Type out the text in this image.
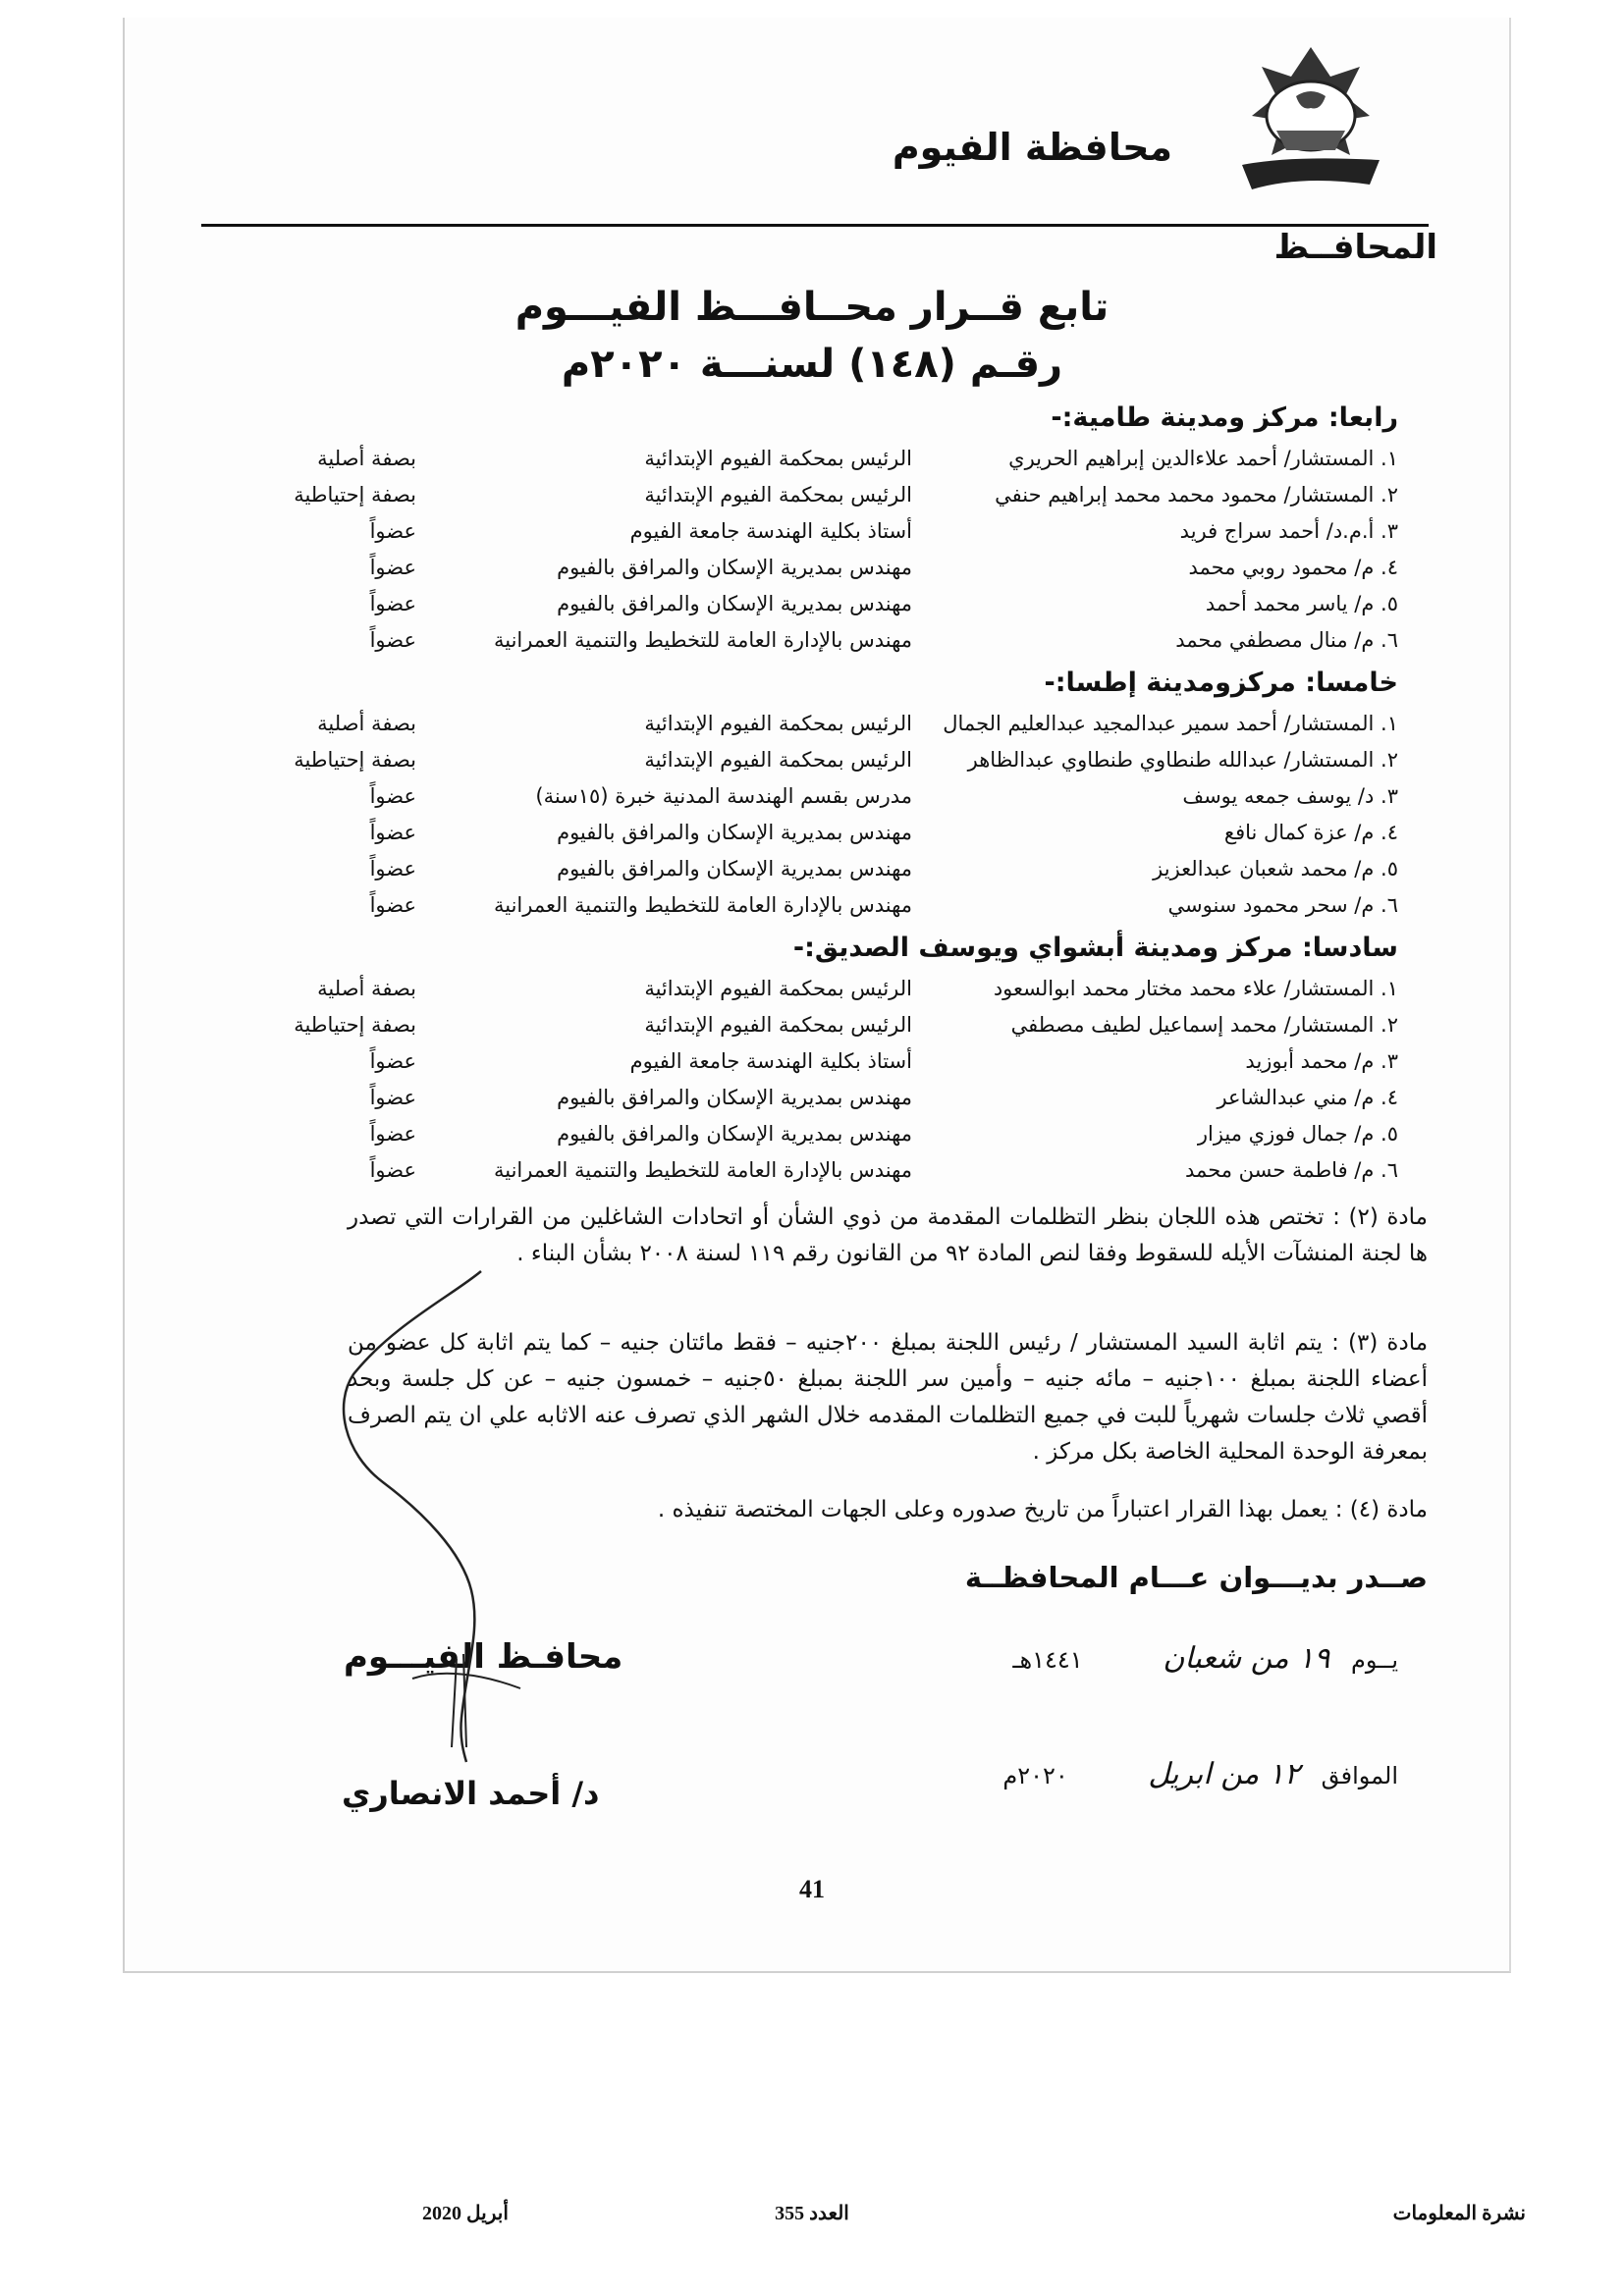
محافظة الفيوم
المحافــظ
تابع قــرار محــافـــظ الفيـــوم
رقـم (١٤٨) لسنـــة ٢٠٢٠م
رابعا: مركز ومدينة طامية:-
١. المستشار/ أحمد علاءالدين إبراهيم الحريري
الرئيس بمحكمة الفيوم الإبتدائية
بصفة أصلية
٢. المستشار/ محمود محمد محمد إبراهيم حنفي
الرئيس بمحكمة الفيوم الإبتدائية
بصفة إحتياطية
٣. أ.م.د/ أحمد سراج فريد
أستاذ بكلية الهندسة جامعة الفيوم
عضواً
٤. م/ محمود روبي محمد
مهندس بمديرية الإسكان والمرافق بالفيوم
عضواً
٥. م/ ياسر محمد أحمد
مهندس بمديرية الإسكان والمرافق بالفيوم
عضواً
٦. م/ منال مصطفي محمد
مهندس بالإدارة العامة للتخطيط والتنمية العمرانية
عضواً
خامسا: مركزومدينة إطسا:-
١. المستشار/ أحمد سمير عبدالمجيد عبدالعليم الجمال
الرئيس بمحكمة الفيوم الإبتدائية
بصفة أصلية
٢. المستشار/ عبدالله طنطاوي طنطاوي عبدالظاهر
الرئيس بمحكمة الفيوم الإبتدائية
بصفة إحتياطية
٣. د/ يوسف جمعه يوسف
مدرس بقسم الهندسة المدنية خبرة (١٥سنة)
عضواً
٤. م/ عزة كمال نافع
مهندس بمديرية الإسكان والمرافق بالفيوم
عضواً
٥. م/ محمد شعبان عبدالعزيز
مهندس بمديرية الإسكان والمرافق بالفيوم
عضواً
٦. م/ سحر محمود سنوسي
مهندس بالإدارة العامة للتخطيط والتنمية العمرانية
عضواً
سادسا: مركز ومدينة أبشواي ويوسف الصديق:-
١. المستشار/ علاء محمد مختار محمد ابوالسعود
الرئيس بمحكمة الفيوم الإبتدائية
بصفة أصلية
٢. المستشار/ محمد إسماعيل لطيف مصطفي
الرئيس بمحكمة الفيوم الإبتدائية
بصفة إحتياطية
٣. م/ محمد أبوزيد
أستاذ بكلية الهندسة جامعة الفيوم
عضواً
٤. م/ مني عبدالشاعر
مهندس بمديرية الإسكان والمرافق بالفيوم
عضواً
٥. م/ جمال فوزي ميزار
مهندس بمديرية الإسكان والمرافق بالفيوم
عضواً
٦. م/ فاطمة حسن محمد
مهندس بالإدارة العامة للتخطيط والتنمية العمرانية
عضواً
مادة (٢) : تختص هذه اللجان بنظر التظلمات المقدمة من ذوي الشأن أو اتحادات الشاغلين من القرارات التي تصدر ها لجنة المنشآت الأيله للسقوط وفقا لنص المادة ٩٢ من القانون رقم ١١٩ لسنة ٢٠٠٨ بشأن البناء .
مادة (٣) : يتم اثابة السيد المستشار / رئيس اللجنة بمبلغ ٢٠٠جنيه – فقط مائتان جنيه – كما يتم اثابة كل عضو من أعضاء اللجنة بمبلغ ١٠٠جنيه – مائه جنيه – وأمين سر اللجنة بمبلغ ٥٠جنيه – خمسون جنيه – عن كل جلسة وبحد أقصي ثلاث جلسات شهرياً للبت في جميع التظلمات المقدمه خلال الشهر الذي تصرف عنه الاثابه علي ان يتم الصرف بمعرفة الوحدة المحلية الخاصة بكل مركز .
مادة (٤) : يعمل بهذا القرار اعتباراً من تاريخ صدوره وعلى الجهات المختصة تنفيذه .
صــدر بديـــوان عـــام المحافظــة
يــوم ١٩ من شعبان ١٤٤١هـ
الموافق ١٢ من ابريل ٢٠٢٠م
محافـظ الفيـــوم
د/ أحمد الانصاري
41
نشرة المعلومات
العدد 355
أبريل 2020
